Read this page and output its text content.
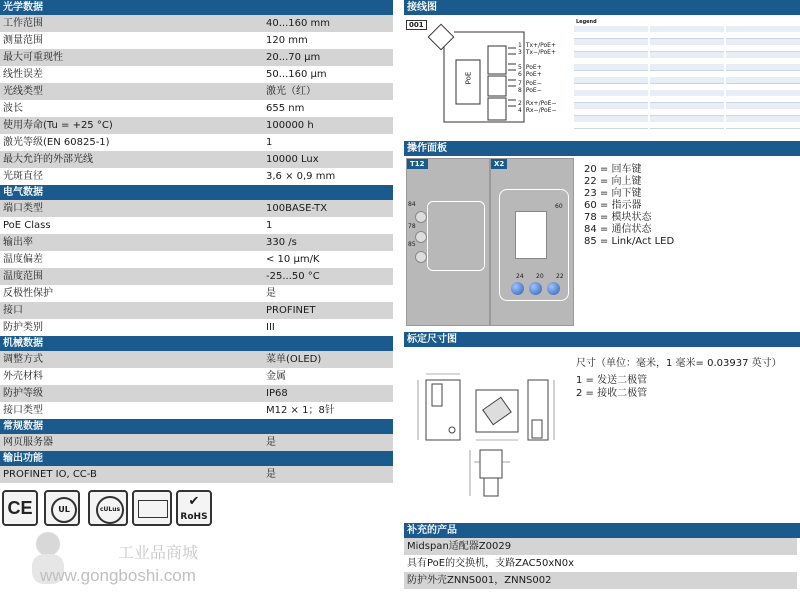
光学数据
工作范围	40...160 mm
测量范围	120 mm
最大可重现性	20...70 µm
线性误差	50...160 µm
光线类型	激光（红）
波长	655 nm
使用寿命(Tu = +25 °C)	100000 h
激光等级(EN 60825-1)	1
最大允许的外部光线	10000 Lux
光斑直径	3,6 × 0,9 mm
电气数据
端口类型	100BASE-TX
PoE Class	1
输出率	330 /s
温度偏差	< 10 µm/K
温度范围	-25...50 °C
反极性保护	是
接口	PROFINET
防护类别	III
机械数据
调整方式	菜单(OLED)
外壳材料	金属
防护等级	IP68
接口类型	M12 × 1；8针
常规数据
网页服务器	是
输出功能
PROFINET IO, CC-B	是
CE	UL	cULus
✔
RoHS
工业品商城
www.gongboshi.com
接线图
001
PoE
1 Tx+/PoE+
3 Tx−/PoE+
5 PoE+
6 PoE+
7 PoE−
8 PoE−
2 Rx+/PoE−
4 Rx−/PoE−
Legend
操作面板
T12
84
78
85
X2
60
24 20 22
20 = 回车键
22 = 向上键
23 = 向下键
60 = 指示器
78 = 模块状态
84 = 通信状态
85 = Link/Act LED
标定尺寸图
尺寸（单位：毫米，1 毫米= 0.03937 英寸）
1 = 发送二极管
2 = 接收二极管
补充的产品
Midspan适配器Z0029
具有PoE的交换机，支路ZAC50xN0x
防护外壳ZNNS001，ZNNS002
